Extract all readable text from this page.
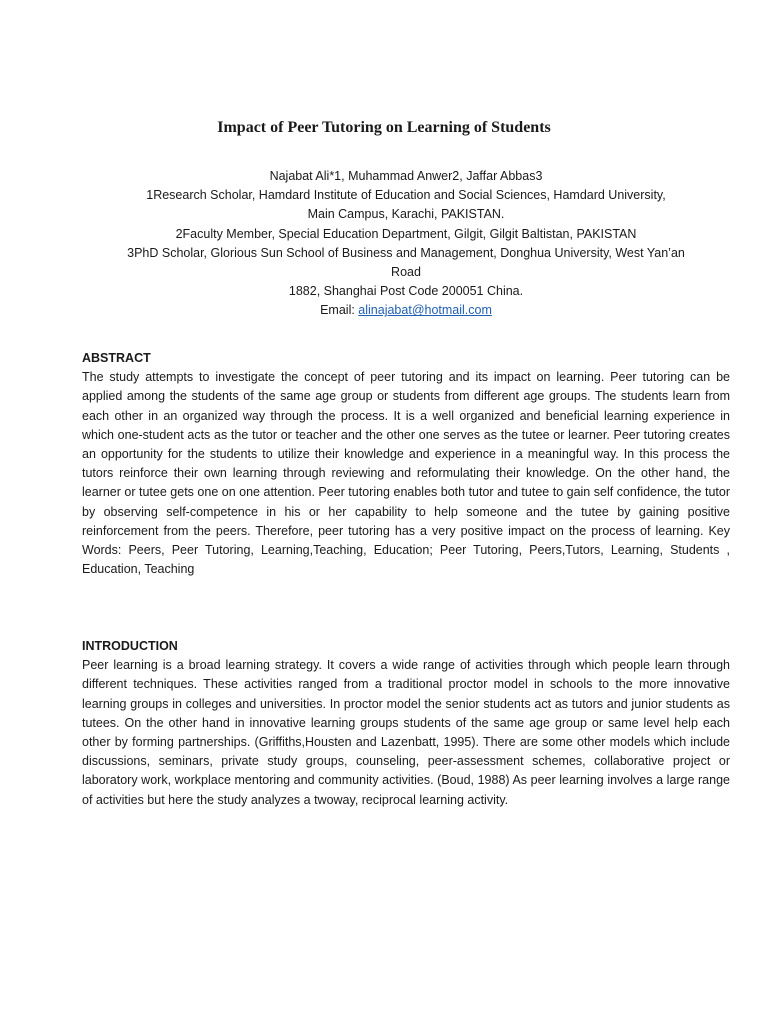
Impact of Peer Tutoring on Learning of Students
Najabat Ali*1, Muhammad Anwer2, Jaffar Abbas3
1Research Scholar, Hamdard Institute of Education and Social Sciences, Hamdard University,
Main Campus, Karachi, PAKISTAN.
2Faculty Member, Special Education Department, Gilgit, Gilgit Baltistan, PAKISTAN
3PhD Scholar, Glorious Sun School of Business and Management, Donghua University, West Yan’an
Road
1882, Shanghai Post Code 200051 China.
Email: alinajabat@hotmail.com
ABSTRACT

The study attempts to investigate the concept of peer tutoring and its impact on learning. Peer tutoring can be applied among the students of the same age group or students from different age groups. The students learn from each other in an organized way through the process. It is a well organized and beneficial learning experience in which one-student acts as the tutor or teacher and the other one serves as the tutee or learner. Peer tutoring creates an opportunity for the students to utilize their knowledge and experience in a meaningful way. In this process the tutors reinforce their own learning through reviewing and reformulating their knowledge. On the other hand, the learner or tutee gets one on one attention. Peer tutoring enables both tutor and tutee to gain self confidence, the tutor by observing self-competence in his or her capability to help someone and the tutee by gaining positive reinforcement from the peers. Therefore, peer tutoring has a very positive impact on the process of learning. Key Words: Peers, Peer Tutoring, Learning,Teaching, Education; Peer Tutoring, Peers,Tutors, Learning, Students , Education, Teaching

INTRODUCTION

Peer learning is a broad learning strategy. It covers a wide range of activities through which people learn through different techniques. These activities ranged from a traditional proctor model in schools to the more innovative learning groups in colleges and universities. In proctor model the senior students act as tutors and junior students as tutees. On the other hand in innovative learning groups students of the same age group or same level help each other by forming partnerships. (Griffiths,Housten and Lazenbatt, 1995). There are some other models which include discussions, seminars, private study groups, counseling, peer-assessment schemes, collaborative project or laboratory work, workplace mentoring and community activities. (Boud, 1988) As peer learning involves a large range of activities but here the study analyzes a twoway, reciprocal learning activity.
